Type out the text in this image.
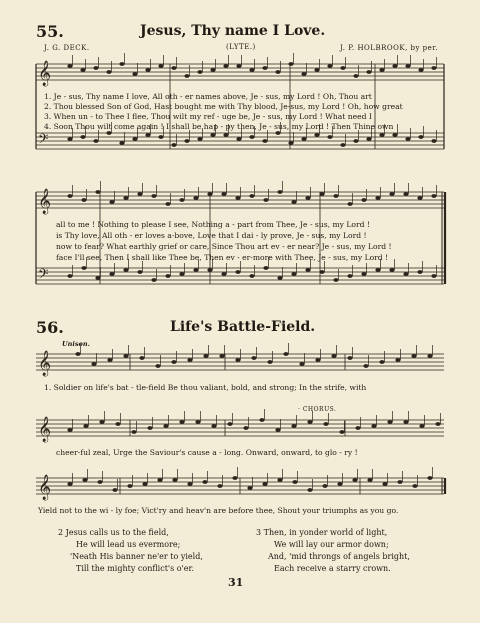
55.	Jesus, Thy name I Love.
J. G. DECK.	(LYTE.)	J. P. HOLBROOK, by per.
𝄞
𝄢
𝄞
𝄢
𝄞
𝄞
𝄞
1. Je - sus, Thy name I love, All oth - er names above, Je - sus, my Lord ! Oh, Thou art
2. Thou blessed Son of God, Hast bought me with Thy blood, Je-sus, my Lord ! Oh, how great
3. When un - to Thee I flee, Thou wilt my ref - uge be, Je - sus, my Lord ! What need I
4. Soon Thou wilt come again ! I shall be hap - py then, Je - sus, my Lord ! Then Thine own
all to me ! Nothing to please I see, Nothing a - part from Thee, Je - sus, my Lord !
is Thy love, All oth - er loves a-bove, Love that I dai - ly prove, Je - sus, my Lord !
now to fear? What earthly grief or care, Since Thou art ev - er near? Je - sus, my Lord !
face I'll see, Then I shall like Thee be, Then ev - er-more with Thee, Je - sus, my Lord !
56.	Life's Battle-Field.
Unison.
1. Soldier on life's bat - tle-field Be thou valiant, bold, and strong; In the strife, with
· CHORUS.
cheer-ful zeal, Urge the Saviour's cause a - long. Onward, onward, to glo - ry !
Yield not to the wi - ly foe; Vict'ry and heav'n are before thee, Shout your triumphs as you go.
2 Jesus calls us to the field,
He will lead us evermore;
'Neath His banner ne'er to yield,
Till the mighty conflict's o'er.
3 Then, in yonder world of light,
We will lay our armor down;
And, 'mid throngs of angels bright,
Each receive a starry crown.
31
